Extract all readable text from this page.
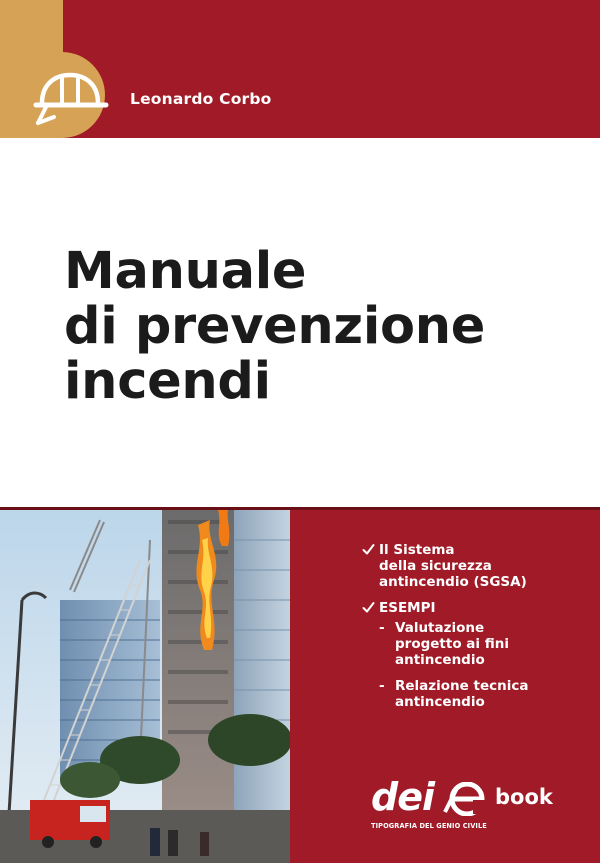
Leonardo Corbo
Manuale
di prevenzione
incendi
Il Sistema
della sicurezza
antincendio (SGSA)
ESEMPI
- Valutazione
progetto ai fini
antincendio
- Relazione tecnica
antincendio
dei	book
TIPOGRAFIA DEL GENIO CIVILE
